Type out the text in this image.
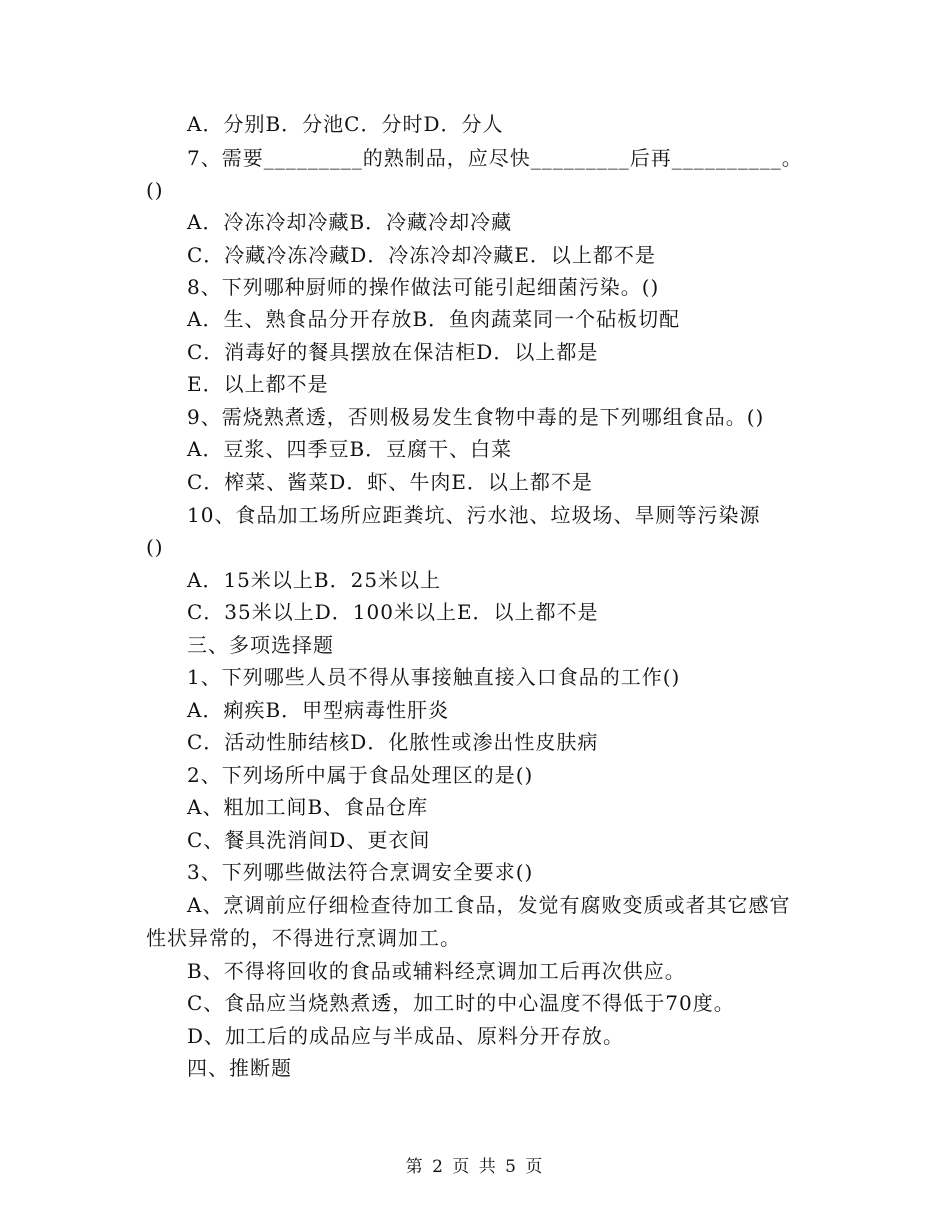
A．分别B．分池C．分时D．分人
7、需要_________的熟制品，应尽快_________后再__________。
()
A．冷冻冷却冷藏B．冷藏冷却冷藏
C．冷藏冷冻冷藏D．冷冻冷却冷藏E．以上都不是
8、下列哪种厨师的操作做法可能引起细菌污染。()
A．生、熟食品分开存放B．鱼肉蔬菜同一个砧板切配
C．消毒好的餐具摆放在保洁柜D．以上都是
E．以上都不是
9、需烧熟煮透，否则极易发生食物中毒的是下列哪组食品。()
A．豆浆、四季豆B．豆腐干、白菜
C．榨菜、酱菜D．虾、牛肉E．以上都不是
10、食品加工场所应距粪坑、污水池、垃圾场、旱厕等污染源
()
A．15米以上B．25米以上
C．35米以上D．100米以上E．以上都不是
三、多项选择题
1、下列哪些人员不得从事接触直接入口食品的工作()
A．痢疾B．甲型病毒性肝炎
C．活动性肺结核D．化脓性或渗出性皮肤病
2、下列场所中属于食品处理区的是()
A、粗加工间B、食品仓库
C、餐具洗消间D、更衣间
3、下列哪些做法符合烹调安全要求()
A、烹调前应仔细检查待加工食品，发觉有腐败变质或者其它感官
性状异常的，不得进行烹调加工。
B、不得将回收的食品或辅料经烹调加工后再次供应。
C、食品应当烧熟煮透，加工时的中心温度不得低于70度。
D、加工后的成品应与半成品、原料分开存放。
四、推断题
第 2 页 共 5 页
